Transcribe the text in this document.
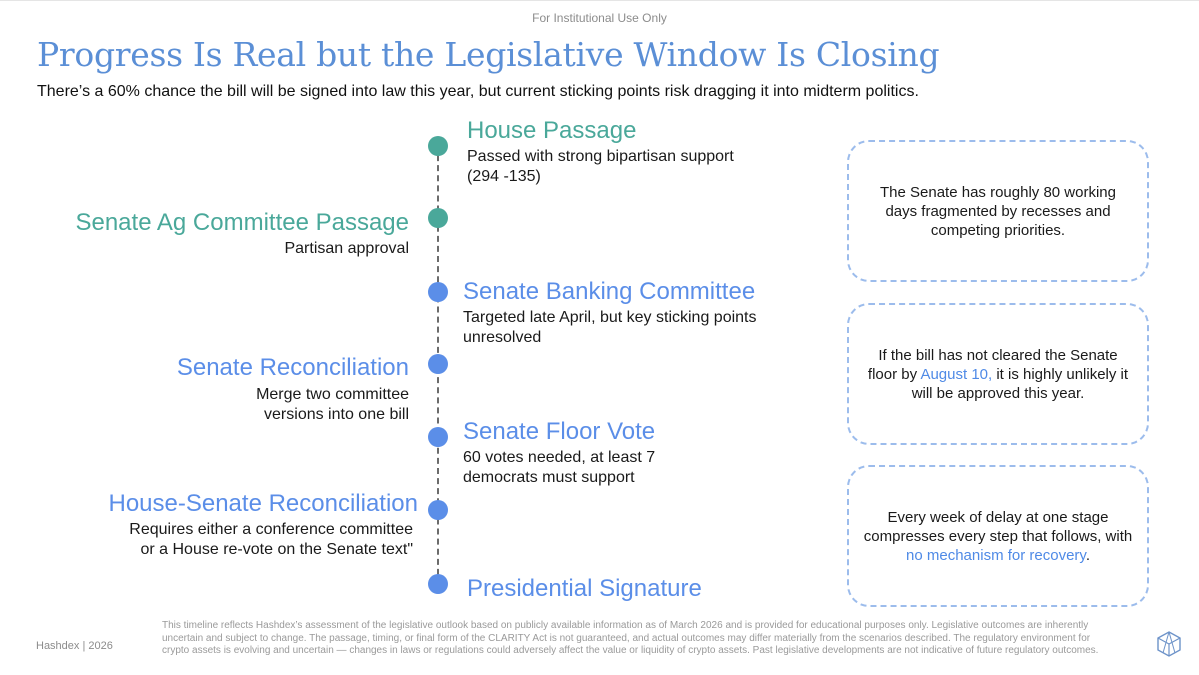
For Institutional Use Only
Progress Is Real but the Legislative Window Is Closing

There’s a 60% chance the bill will be signed into law this year, but current sticking points risk dragging it into midterm politics.

House Passage
Passed with strong bipartisan support
(294 -135)
Senate Ag Committee Passage
Partisan approval
Senate Banking Committee
Targeted late April, but key sticking points
unresolved
Senate Reconciliation
Merge two committee
versions into one bill
Senate Floor Vote
60 votes needed, at least 7
democrats must support
House-Senate Reconciliation
Requires either a conference committee
or a House re-vote on the Senate text"
Presidential Signature
The Senate has roughly 80 working days fragmented by recesses and competing priorities.
If the bill has not cleared the Senate floor by August 10, it is highly unlikely it will be approved this year.
Every week of delay at one stage compresses every step that follows, with no mechanism for recovery.
Hashdex | 2026
This timeline reflects Hashdex’s assessment of the legislative outlook based on publicly available information as of March 2026 and is provided for educational purposes only. Legislative outcomes are inherently uncertain and subject to change. The passage, timing, or final form of the CLARITY Act is not guaranteed, and actual outcomes may differ materially from the scenarios described. The regulatory environment for crypto assets is evolving and uncertain — changes in laws or regulations could adversely affect the value or liquidity of crypto assets. Past legislative developments are not indicative of future regulatory outcomes.
